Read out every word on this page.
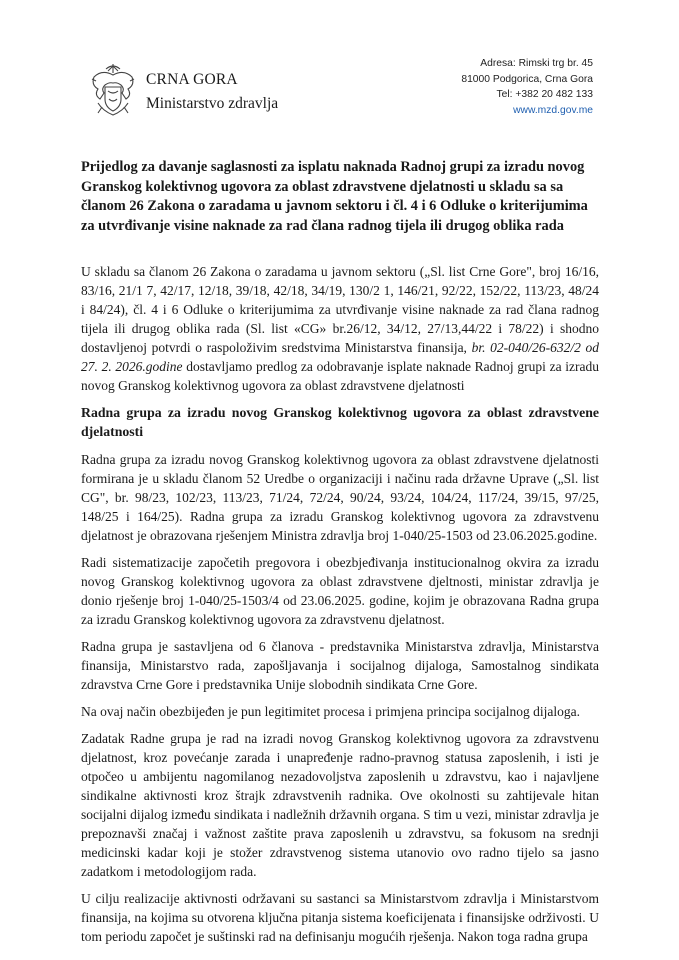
CRNA GORA
Ministarstvo zdravlja
Adresa: Rimski trg br. 45
81000 Podgorica, Crna Gora
Tel: +382 20 482 133
www.mzd.gov.me
Prijedlog za davanje saglasnosti za isplatu naknada Radnoj grupi za izradu novog Granskog kolektivnog ugovora za oblast zdravstvene djelatnosti u skladu sa sa članom 26 Zakona o zaradama u javnom sektoru i čl. 4 i 6 Odluke o kriterijumima za utvrđivanje visine naknade za rad člana radnog tijela ili drugog oblika rada

U skladu sa članom 26 Zakona o zaradama u javnom sektoru („Sl. list Crne Gore", broj 16/16, 83/16, 21/1 7, 42/17, 12/18, 39/18, 42/18, 34/19, 130/2 1, 146/21, 92/22, 152/22, 113/23, 48/24 i 84/24), čl. 4 i 6 Odluke o kriterijumima za utvrđivanje visine naknade za rad člana radnog tijela ili drugog oblika rada (Sl. list «CG» br.26/12, 34/12, 27/13,44/22 i 78/22) i shodno dostavljenoj potvrdi o raspoloživim sredstvima Ministarstva finansija, br. 02-040/26-632/2 od 27. 2. 2026.godine dostavljamo predlog za odobravanje isplate naknade Radnoj grupi za izradu novog Granskog kolektivnog ugovora za oblast zdravstvene djelatnosti

Radna grupa za izradu novog Granskog kolektivnog ugovora za oblast zdravstvene djelatnosti

Radna grupa za izradu novog Granskog kolektivnog ugovora za oblast zdravstvene djelatnosti formirana je u skladu članom 52 Uredbe o organizaciji i načinu rada državne Uprave („Sl. list CG", br. 98/23, 102/23, 113/23, 71/24, 72/24, 90/24, 93/24, 104/24, 117/24, 39/15, 97/25, 148/25 i 164/25). Radna grupa za izradu Granskog kolektivnog ugovora za zdravstvenu djelatnost je obrazovana rješenjem Ministra zdravlja broj 1-040/25-1503 od 23.06.2025.godine.

Radi sistematizacije započetih pregovora i obezbjeđivanja institucionalnog okvira za izradu novog Granskog kolektivnog ugovora za oblast zdravstvene djeltnosti, ministar zdravlja je donio rješenje broj 1-040/25-1503/4 od 23.06.2025. godine, kojim je obrazovana Radna grupa za izradu Granskog kolektivnog ugovora za zdravstvenu djelatnost.

Radna grupa je sastavljena od 6 članova - predstavnika Ministarstva zdravlja, Ministarstva finansija, Ministarstvo rada, zapošljavanja i socijalnog dijaloga, Samostalnog sindikata zdravstva Crne Gore i predstavnika Unije slobodnih sindikata Crne Gore.

Na ovaj način obezbijeđen je pun legitimitet procesa i primjena principa socijalnog dijaloga.

Zadatak Radne grupa je rad na izradi novog Granskog kolektivnog ugovora za zdravstvenu djelatnost, kroz povećanje zarada i unapređenje radno-pravnog statusa zaposlenih, i isti je otpočeo u ambijentu nagomilanog nezadovoljstva zaposlenih u zdravstvu, kao i najavljene sindikalne aktivnosti kroz štrajk zdravstvenih radnika. Ove okolnosti su zahtijevale hitan socijalni dijalog između sindikata i nadležnih državnih organa. S tim u vezi, ministar zdravlja je prepoznavši značaj i važnost zaštite prava zaposlenih u zdravstvu, sa fokusom na srednji medicinski kadar koji je stožer zdravstvenog sistema utanovio ovo radno tijelo sa jasno zadatkom i metodologijom rada.

U cilju realizacije aktivnosti održavani su sastanci sa Ministarstvom zdravlja i Ministarstvom finansija, na kojima su otvorena ključna pitanja sistema koeficijenata i finansijske održivosti. U tom periodu započet je suštinski rad na definisanju mogućih rješenja. Nakon toga radna grupa
